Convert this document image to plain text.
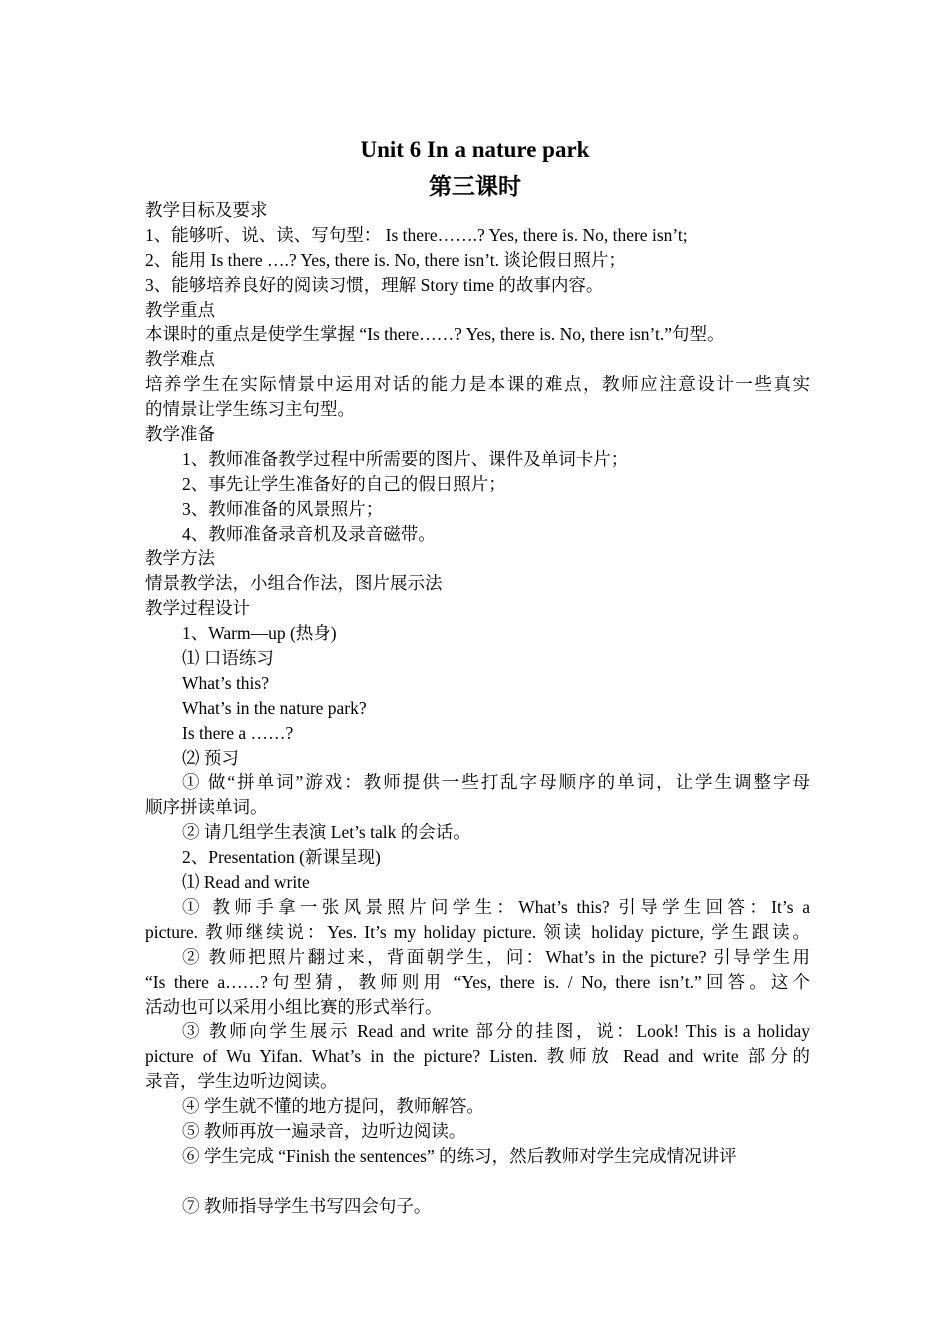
Unit 6 In a nature park
第三课时
教学目标及要求
1、能够听、说、读、写句型： Is there…….? Yes, there is. No, there isn’t;
2、能用 Is there ….? Yes, there is. No, there isn’t. 谈论假日照片；
3、能够培养良好的阅读习惯，理解 Story time 的故事内容。
教学重点
本课时的重点是使学生掌握 “Is there……? Yes, there is. No, there isn’t.”句型。
教学难点
培养学生在实际情景中运用对话的能力是本课的难点，教师应注意设计一些真实
的情景让学生练习主句型。
教学准备
1、教师准备教学过程中所需要的图片、课件及单词卡片；
2、事先让学生准备好的自己的假日照片；
3、教师准备的风景照片；
4、教师准备录音机及录音磁带。
教学方法
情景教学法，小组合作法，图片展示法
教学过程设计
1、Warm—up (热身)
⑴ 口语练习
What’s this?
What’s in the nature park?
Is there a ……?
⑵ 预习
① 做“拼单词”游戏：教师提供一些打乱字母顺序的单词，让学生调整字母
顺序拼读单词。
② 请几组学生表演 Let’s talk 的会话。
2、Presentation (新课呈现)
⑴ Read and write
① 教师手拿一张风景照片问学生：What’s this? 引导学生回答：It’s a
picture. 教师继续说：Yes. It’s my holiday picture. 领读 holiday picture, 学生跟读。
② 教师把照片翻过来，背面朝学生，问：What’s in the picture? 引导学生用
“Is there a……?句型猜，教师则用 “Yes, there is. / No, there isn’t.”回答。这个
活动也可以采用小组比赛的形式举行。
③ 教师向学生展示 Read and write 部分的挂图，说：Look! This is a holiday
picture of Wu Yifan. What’s in the picture? Listen. 教师放 Read and write 部分的
录音，学生边听边阅读。
④ 学生就不懂的地方提问，教师解答。
⑤ 教师再放一遍录音，边听边阅读。
⑥ 学生完成 “Finish the sentences” 的练习，然后教师对学生完成情况讲评
⑦ 教师指导学生书写四会句子。
